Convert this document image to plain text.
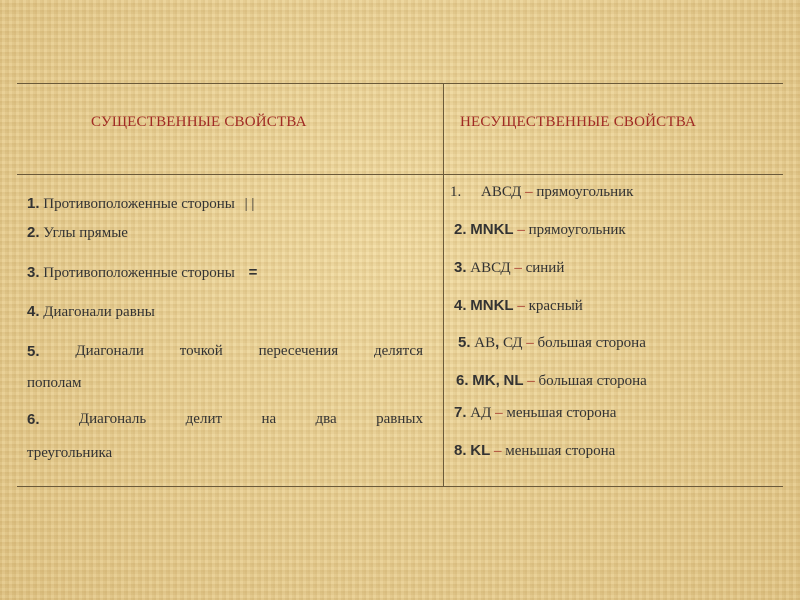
СУЩЕСТВЕННЫЕ СВОЙСТВА	НЕСУЩЕСТВЕННЫЕ СВОЙСТВА
1. Противоположенные стороны | |
2. Углы прямые
3. Противоположенные стороны =
4. Диагонали равны
5. Диагонали точкой пересечения делятся
пополам
6.	Диагональ	делит	на	два	равных
треугольника
1. АВСД – прямоугольник
2. MNKL – прямоугольник
3. АВСД – синий
4. MNKL – красный
5. АВ, СД – большая сторона
6. MK, NL – большая сторона
7. АД – меньшая сторона
8. KL – меньшая сторона
